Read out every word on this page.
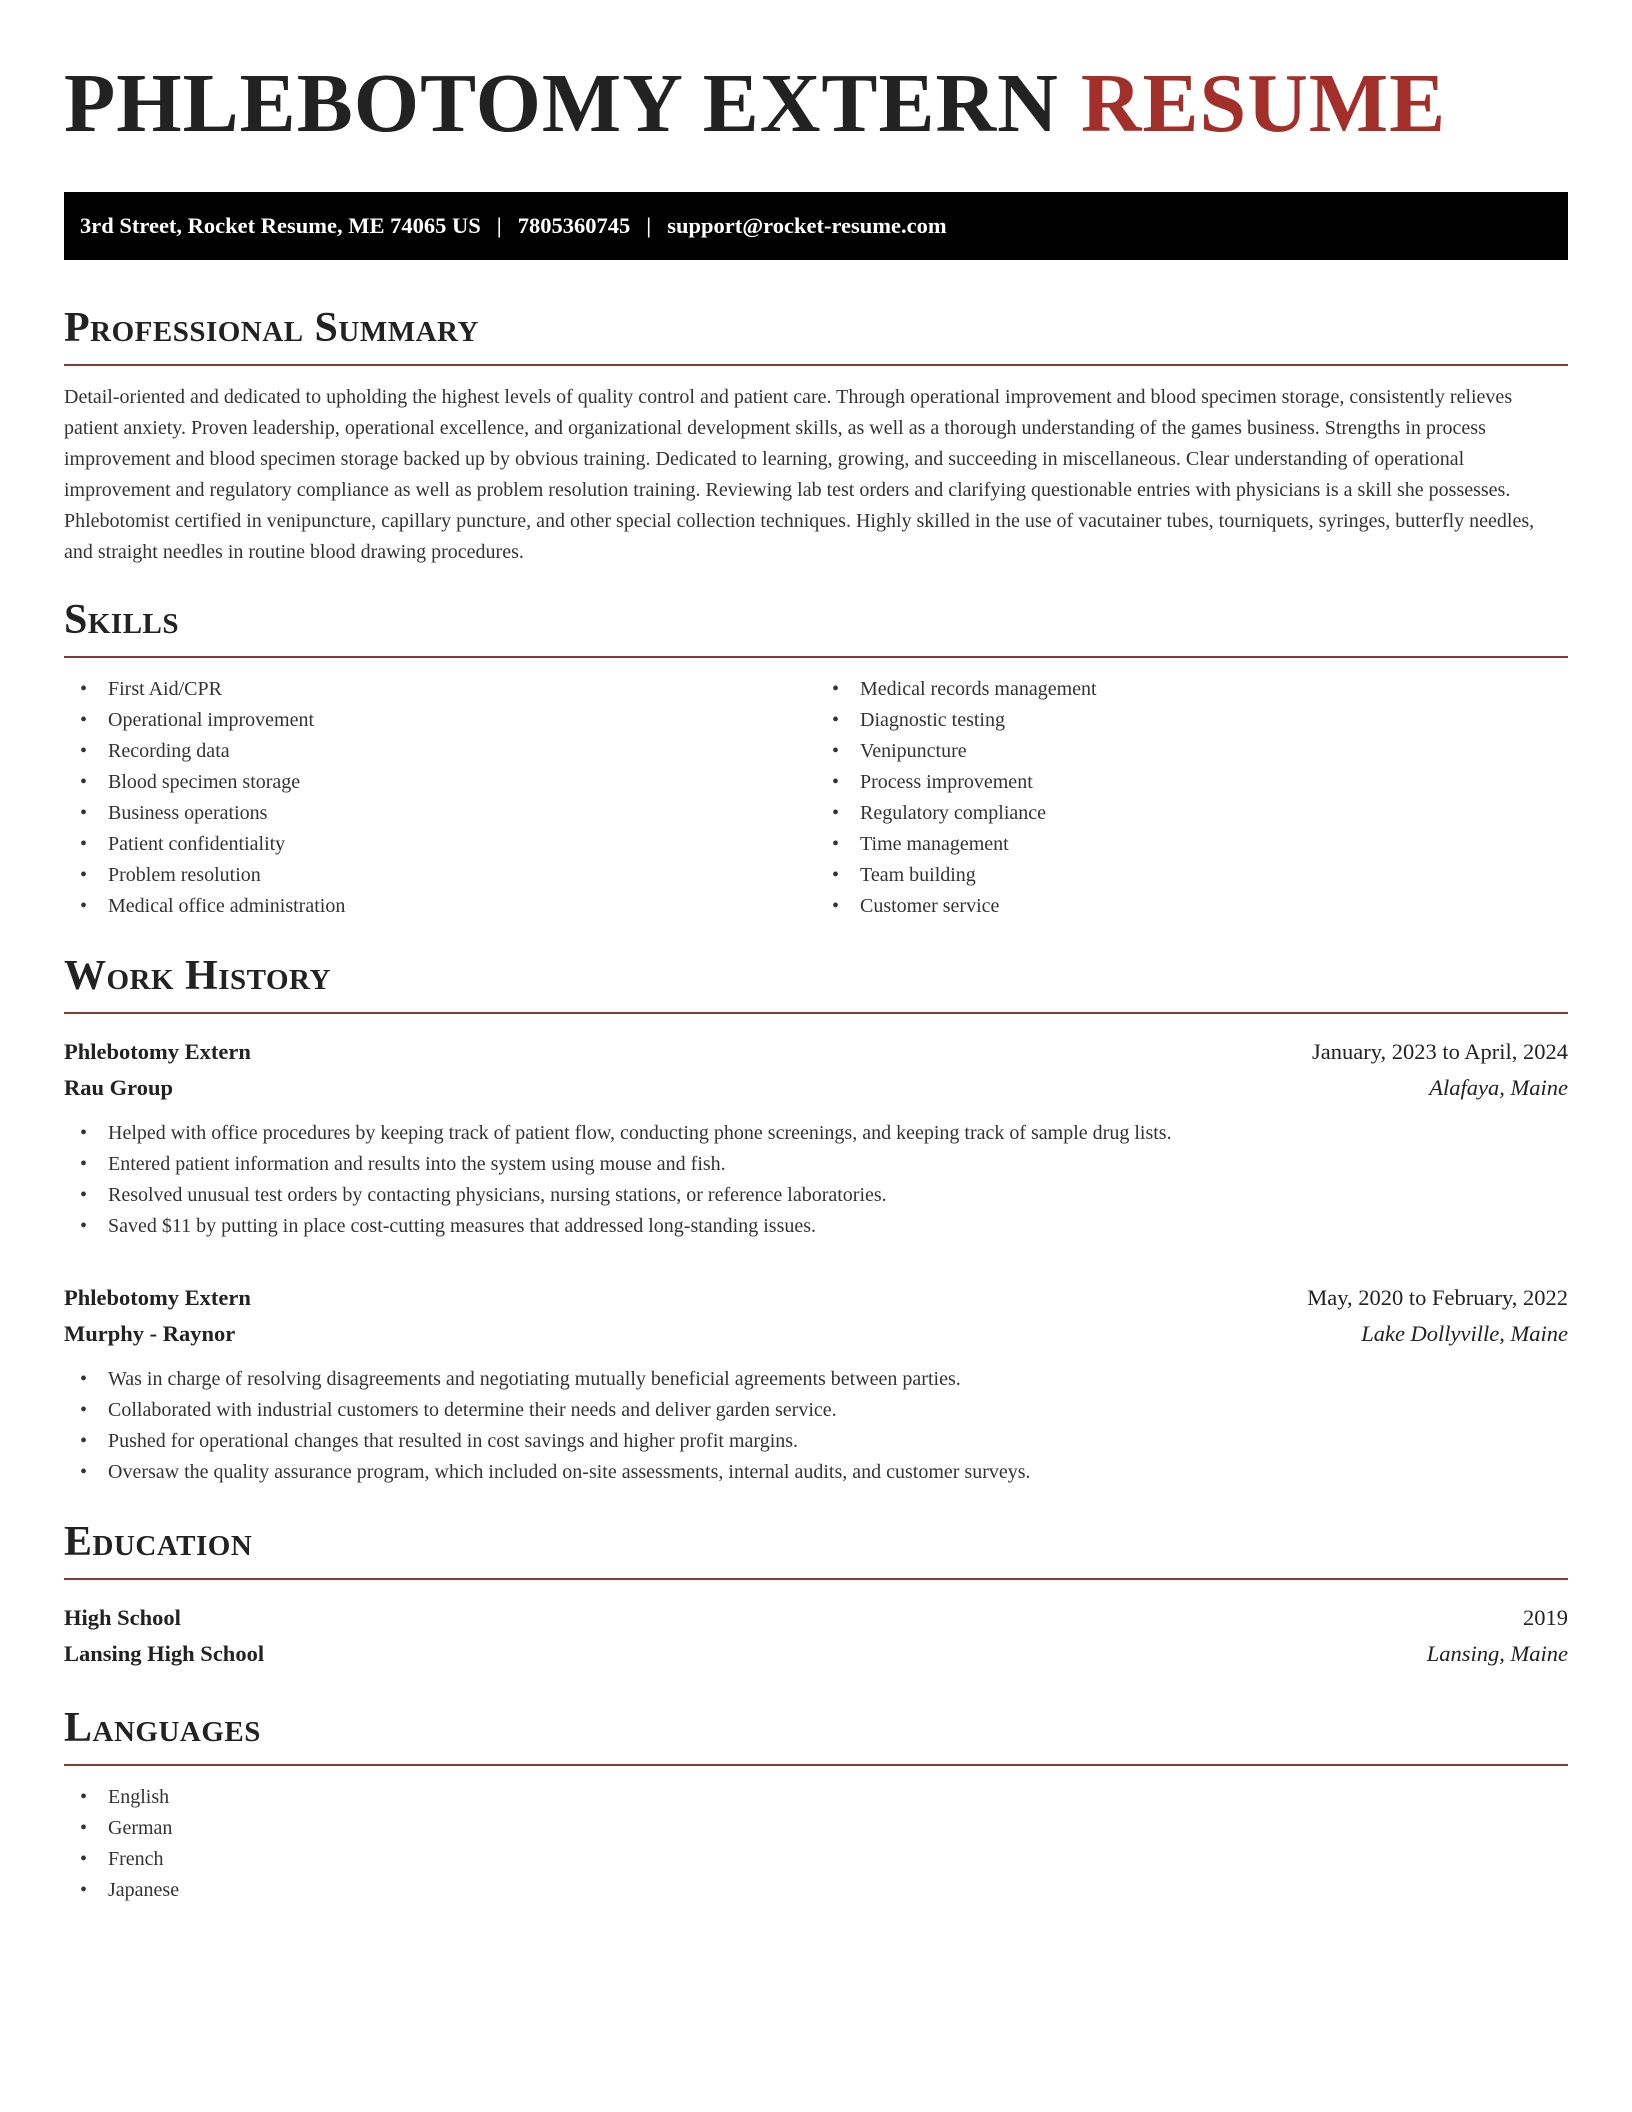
PHLEBOTOMY EXTERN RESUME
3rd Street, Rocket Resume, ME 74065 US | 7805360745 | support@rocket-resume.com
Professional Summary

Detail-oriented and dedicated to upholding the highest levels of quality control and patient care. Through operational improvement and blood specimen storage, consistently relieves patient anxiety. Proven leadership, operational excellence, and organizational development skills, as well as a thorough understanding of the games business. Strengths in process improvement and blood specimen storage backed up by obvious training. Dedicated to learning, growing, and succeeding in miscellaneous. Clear understanding of operational improvement and regulatory compliance as well as problem resolution training. Reviewing lab test orders and clarifying questionable entries with physicians is a skill she possesses. Phlebotomist certified in venipuncture, capillary puncture, and other special collection techniques. Highly skilled in the use of vacutainer tubes, tourniquets, syringes, butterfly needles, and straight needles in routine blood drawing procedures.

Skills
• First Aid/CPR
• Operational improvement
• Recording data
• Blood specimen storage
• Business operations
• Patient confidentiality
• Problem resolution
• Medical office administration
• Medical records management
• Diagnostic testing
• Venipuncture
• Process improvement
• Regulatory compliance
• Time management
• Team building
• Customer service
Work History
Phlebotomy Extern	January, 2023 to April, 2024
Rau Group	Alafaya, Maine
• Helped with office procedures by keeping track of patient flow, conducting phone screenings, and keeping track of sample drug lists.
• Entered patient information and results into the system using mouse and fish.
• Resolved unusual test orders by contacting physicians, nursing stations, or reference laboratories.
• Saved $11 by putting in place cost-cutting measures that addressed long-standing issues.
Phlebotomy Extern	May, 2020 to February, 2022
Murphy - Raynor	Lake Dollyville, Maine
• Was in charge of resolving disagreements and negotiating mutually beneficial agreements between parties.
• Collaborated with industrial customers to determine their needs and deliver garden service.
• Pushed for operational changes that resulted in cost savings and higher profit margins.
• Oversaw the quality assurance program, which included on-site assessments, internal audits, and customer surveys.
Education
High School	2019
Lansing High School	Lansing, Maine
Languages
• English
• German
• French
• Japanese
